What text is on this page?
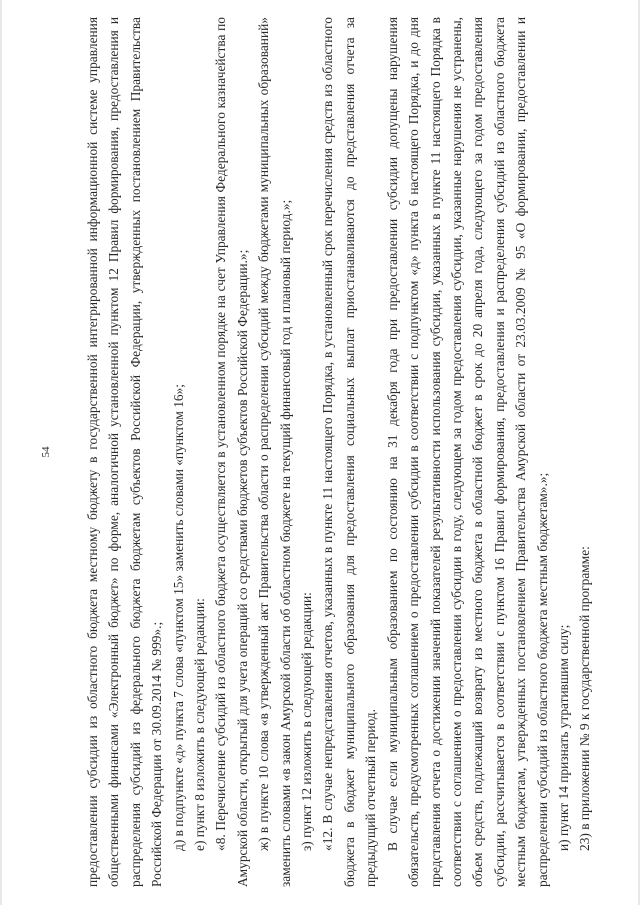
54 предоставлении субсидии из областного бюджета местному бюджету в государственной интегрированной информационной системе управления общественными финансами «Электронный бюджет» по форме, аналогичной установленной пунктом 12 Правил формирования, предоставления и распределения субсидий из федерального бюджета бюджетам субъектов Российской Федерации, утвержденных постановлением Правительства Российской Федерации от 30.09.2014 № 999».; д) в подпункте «д» пункта 7 слова «пунктом 15» заменить словами «пунктом 16»; е) пункт 8 изложить в следующей редакции: «8. Перечисление субсидий из областного бюджета осуществляется в установленном порядке на счет Управления Федерального казначейства по Амурской области, открытый для учета операций со средствами бюджетов субъектов Российской Федерации.»; ж) в пункте 10 слова «в утвержденный акт Правительства области о распределении субсидий между бюджетами муниципальных образований» заменить словами «в закон Амурской области об областном бюджете на текущий финансовый год и плановый период.»; з) пункт 12 изложить в следующей редакции: «12. В случае непредставления отчетов, указанных в пункте 11 настоящего Порядка, в установленный срок перечисления средств из областного бюджета в бюджет муниципального образования для предоставления социальных выплат приостанавливаются до представления отчета за предыдущий отчетный период. В случае если муниципальным образованием по состоянию на 31 декабря года при предоставлении субсидии допущены нарушения обязательств, предусмотренных соглашением о предоставлении субсидии в соответствии с подпунктом «д» пункта 6 настоящего Порядка, и до дня представления отчета о достижении значений показателей результативности использования субсидии, указанных в пункте 11 настоящего Порядка в соответствии с соглашением о предоставлении субсидии в году, следующем за годом предоставления субсидии, указанные нарушения не устранены, объем средств, подлежащий возврату из местного бюджета в областной бюджет в срок до 20 апреля года, следующего за годом предоставления субсидии, рассчитывается в соответствии с пунктом 16 Правил формирования, предоставления и распределения субсидий из областного бюджета местным бюджетам, утвержденных постановлением Правительства Амурской области от 23.03.2009 № 95 «О формировании, предоставлении и распределении субсидий из областного бюджета местным бюджетам».»; и) пункт 14 признать утратившим силу; 23) в приложении № 9 к государственной программе:
